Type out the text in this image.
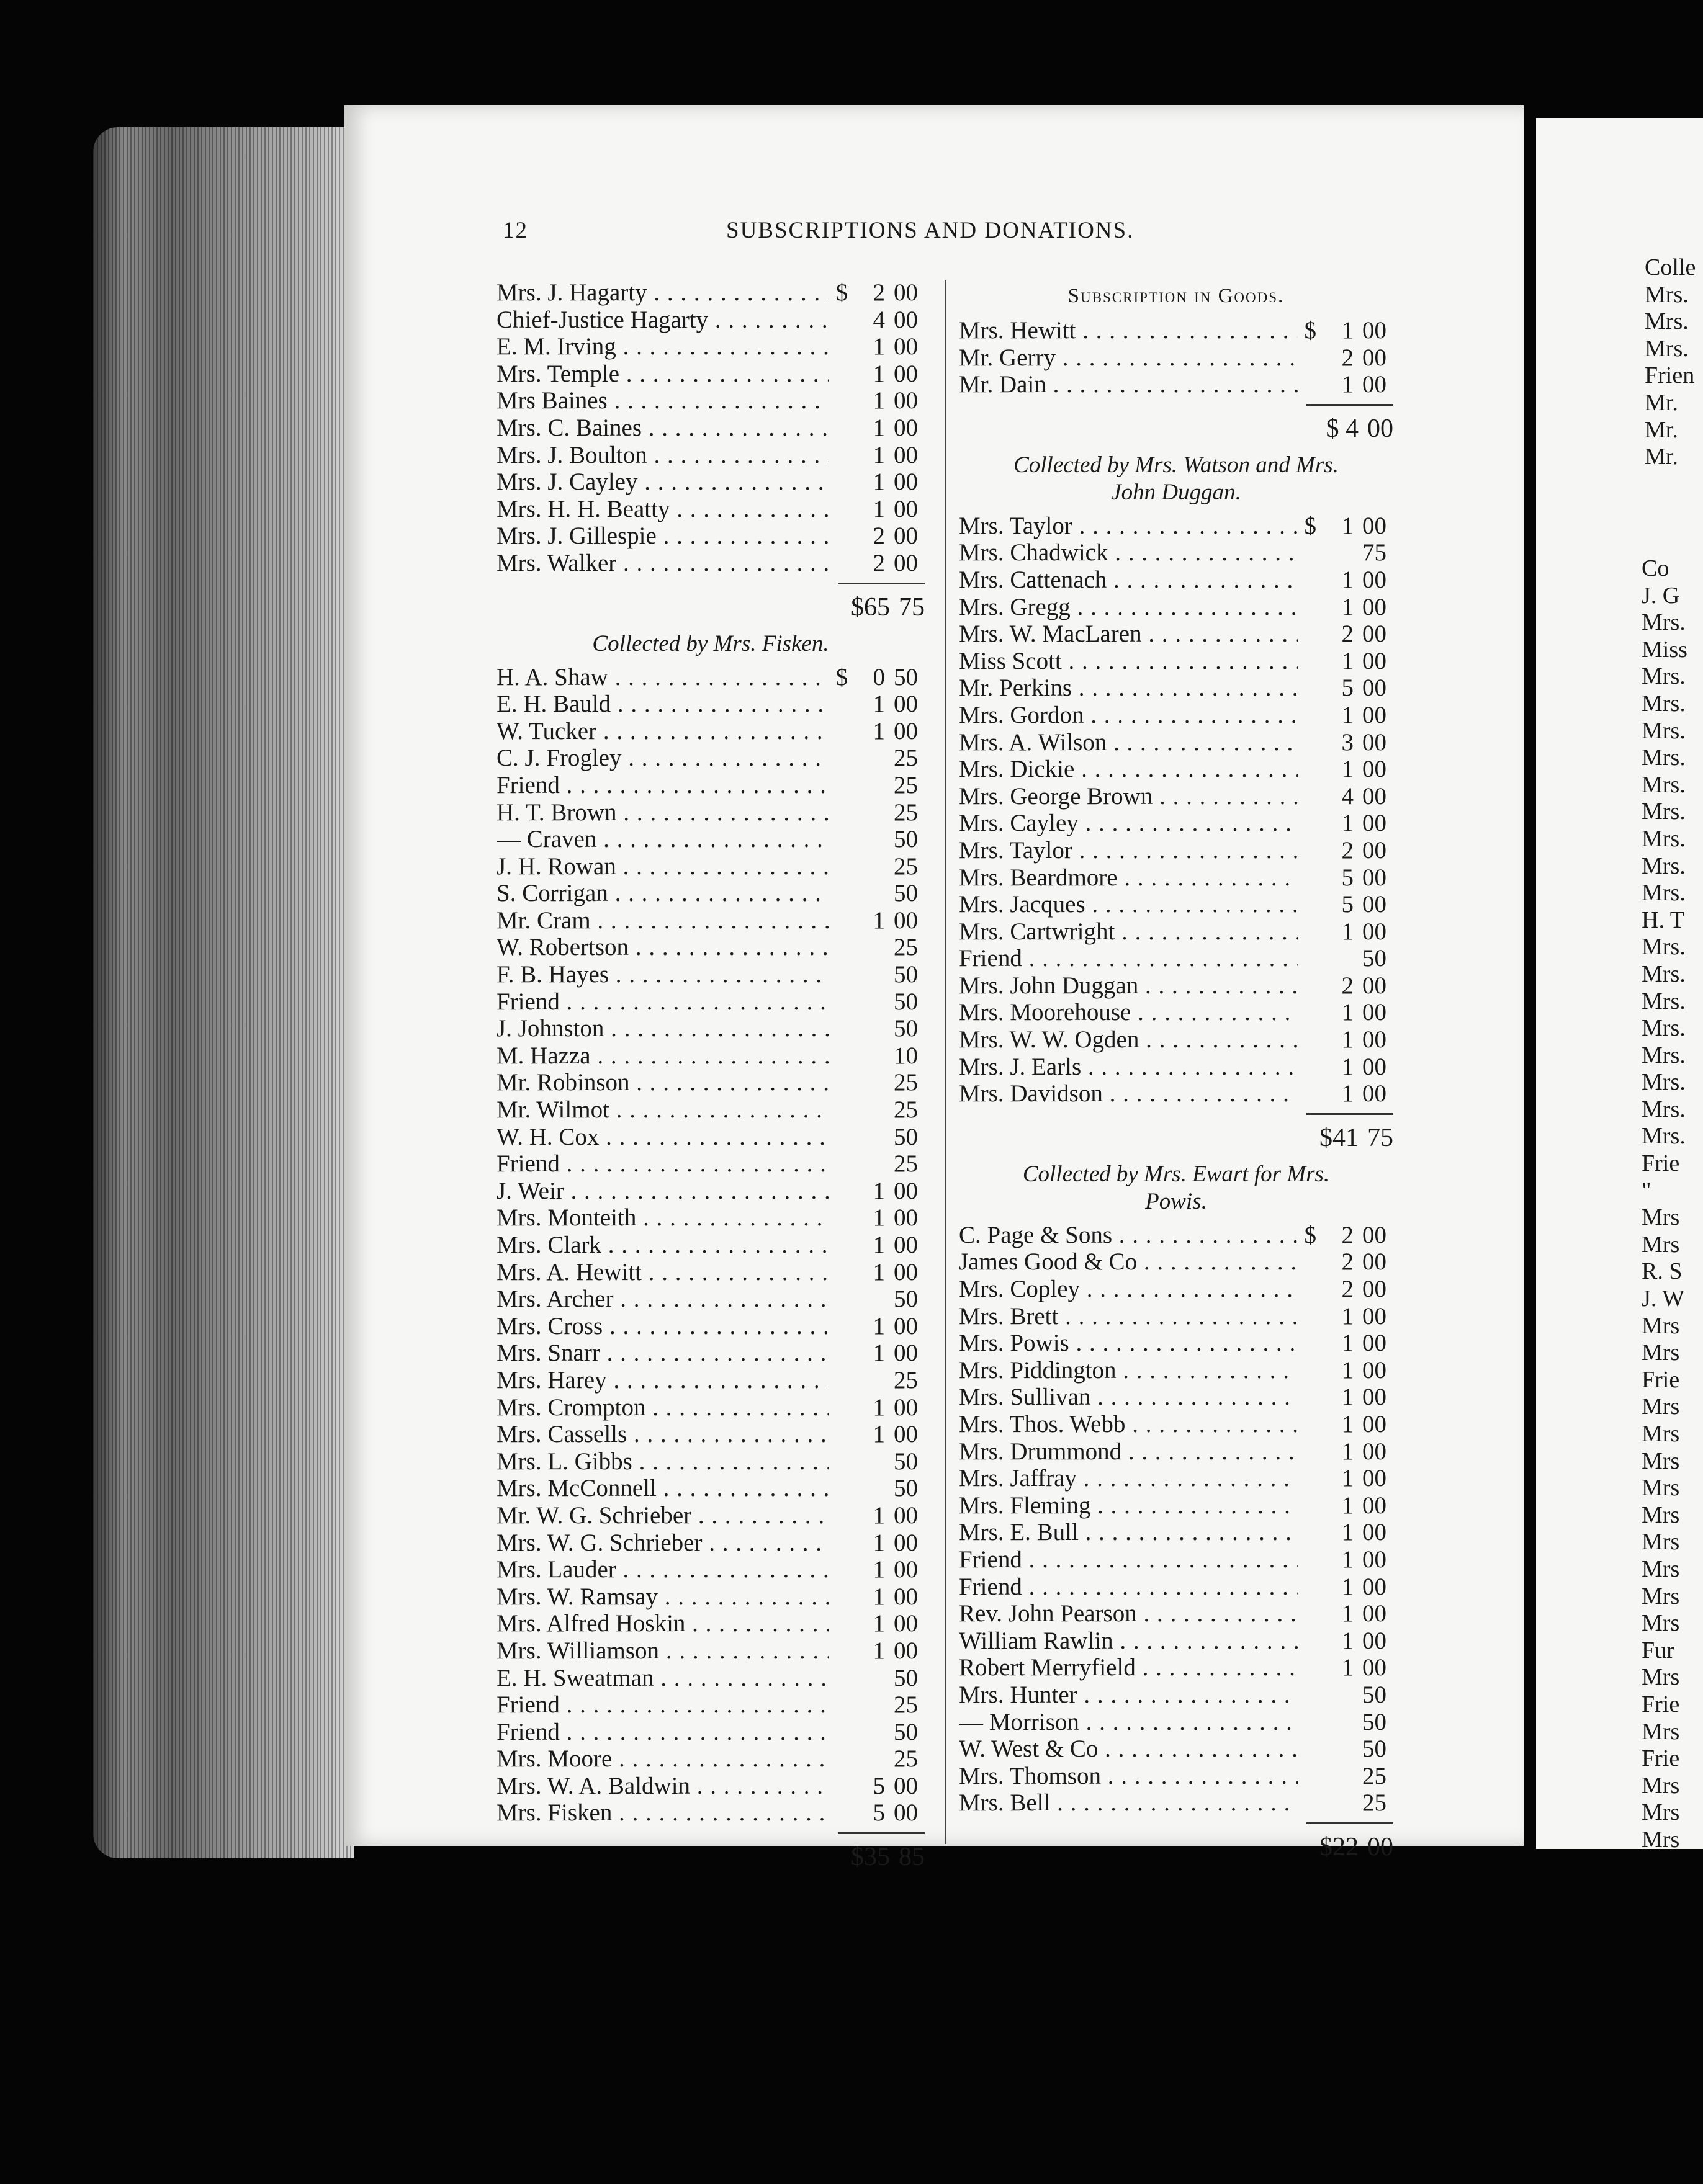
12	SUBSCRIPTIONS AND DONATIONS.
Mrs. J. Hagarty . . .	$	2 00
Chief-Justice Hagarty . . .	4 00
E. M. Irving . . .	1 00
Mrs. Temple . . .	1 00
Mrs Baines . . .	1 00
Mrs. C. Baines . . .	1 00
Mrs. J. Boulton . . .	1 00
Mrs. J. Cayley . . .	1 00
Mrs. H. H. Beatty . . .	1 00
Mrs. J. Gillespie . . .	2 00
Mrs. Walker . . .	2 00
$65 75
Collected by Mrs. Fisken.
H. A. Shaw . . .	$	0 50
E. H. Bauld . . .	1 00
W. Tucker . . .	1 00
C. J. Frogley . . .	25
Friend . . .	25
H. T. Brown . . .	25
— Craven . . .	50
J. H. Rowan . . .	25
S. Corrigan . . .	50
Mr. Cram . . .	1 00
W. Robertson . . .	25
F. B. Hayes . . .	50
Friend . . .	50
J. Johnston . . .	50
M. Hazza . . .	10
Mr. Robinson . . .	25
Mr. Wilmot . . .	25
W. H. Cox . . .	50
Friend . . .	25
J. Weir . . .	1 00
Mrs. Monteith . . .	1 00
Mrs. Clark . . .	1 00
Mrs. A. Hewitt . . .	1 00
Mrs. Archer . . .	50
Mrs. Cross . . .	1 00
Mrs. Snarr . . .	1 00
Mrs. Harey . . .	25
Mrs. Crompton . . .	1 00
Mrs. Cassells . . .	1 00
Mrs. L. Gibbs . . .	50
Mrs. McConnell . . .	50
Mr. W. G. Schrieber . . .	1 00
Mrs. W. G. Schrieber . . .	1 00
Mrs. Lauder . . .	1 00
Mrs. W. Ramsay . . .	1 00
Mrs. Alfred Hoskin . . .	1 00
Mrs. Williamson . . .	1 00
E. H. Sweatman . . .	50
Friend . . .	25
Friend . . .	50
Mrs. Moore . . .	25
Mrs. W. A. Baldwin . . .	5 00
Mrs. Fisken . . .	5 00
$35 85
Subscription in Goods.
Mrs. Hewitt . . .	$	1 00
Mr. Gerry . . .	2 00
Mr. Dain . . .	1 00
$ 4 00
Collected by Mrs. Watson and Mrs.
John Duggan.
Mrs. Taylor . . .	$	1 00
Mrs. Chadwick . . .	75
Mrs. Cattenach . . .	1 00
Mrs. Gregg . . .	1 00
Mrs. W. MacLaren . . .	2 00
Miss Scott . . .	1 00
Mr. Perkins . . .	5 00
Mrs. Gordon . . .	1 00
Mrs. A. Wilson . . .	3 00
Mrs. Dickie . . .	1 00
Mrs. George Brown . . .	4 00
Mrs. Cayley . . .	1 00
Mrs. Taylor . . .	2 00
Mrs. Beardmore . . .	5 00
Mrs. Jacques . . .	5 00
Mrs. Cartwright . . .	1 00
Friend . . .	50
Mrs. John Duggan . . .	2 00
Mrs. Moorehouse . . .	1 00
Mrs. W. W. Ogden . . .	1 00
Mrs. J. Earls . . .	1 00
Mrs. Davidson . . .	1 00
$41 75
Collected by Mrs. Ewart for Mrs.
Powis.
C. Page & Sons . . .	$	2 00
James Good & Co . . .	2 00
Mrs. Copley . . .	2 00
Mrs. Brett . . .	1 00
Mrs. Powis . . .	1 00
Mrs. Piddington . . .	1 00
Mrs. Sullivan . . .	1 00
Mrs. Thos. Webb . . .	1 00
Mrs. Drummond . . .	1 00
Mrs. Jaffray . . .	1 00
Mrs. Fleming . . .	1 00
Mrs. E. Bull . . .	1 00
Friend . . .	1 00
Friend . . .	1 00
Rev. John Pearson . . .	1 00
William Rawlin . . .	1 00
Robert Merryfield . . .	1 00
Mrs. Hunter . . .	50
— Morrison . . .	50
W. West & Co . . .	50
Mrs. Thomson . . .	25
Mrs. Bell . . .	25
$22 00
Colle
Mrs.
Mrs.
Mrs.
Frien
Mr.
Mr.
Mr.
Co
J. G
Mrs.
Miss
Mrs.
Mrs.
Mrs.
Mrs.
Mrs.
Mrs.
Mrs.
Mrs.
Mrs.
H. T
Mrs.
Mrs.
Mrs.
Mrs.
Mrs.
Mrs.
Mrs.
Mrs.
Frie
"
Mrs
Mrs
R. S
J. W
Mrs
Mrs
Frie
Mrs
Mrs
Mrs
Mrs
Mrs
Mrs
Mrs
Mrs
Mrs
Fur
Mrs
Frie
Mrs
Frie
Mrs
Mrs
Mrs
